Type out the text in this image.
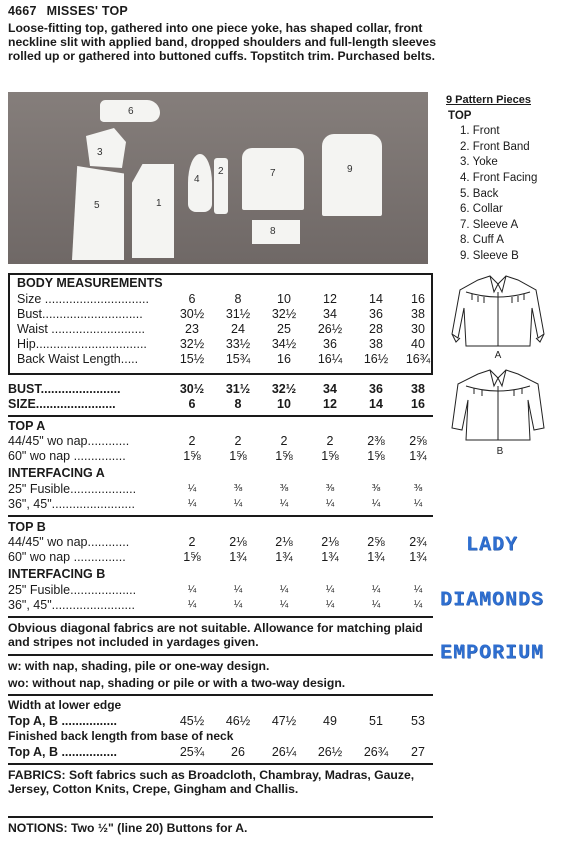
4667 MISSES' TOP
Loose-fitting top, gathered into one piece yoke, has shaped collar, front neckline slit with applied band, dropped shoulders and full-length sleeves rolled up or gathered into buttoned cuffs. Topstitch trim. Purchased belts.
6
3
5	1
4
2	7
8
9
9 Pattern Pieces
TOP
1. Front
2. Front Band
3. Yoke
4. Front Facing
5. Back
6. Collar
7. Sleeve A
8. Cuff A
9. Sleeve B
A
B
BODY MEASUREMENTS
Size ..............................	6	8	10	12	14	16
Bust.............................	30½	31½	32½	34	36	38
Waist ...........................	23	24	25	26½	28	30
Hip................................	32½	33½	34½	36	38	40
Back Waist Length.....	15½	15¾	16	16¼	16½	16¾
BUST.......................	30½	31½	32½	34	36	38
SIZE.......................	6	8	10	12	14	16
TOP A
44/45" wo nap............	2	2	2	2	2⅜	2⅝
60" wo nap ...............	1⅝	1⅝	1⅝	1⅝	1⅝	1¾
INTERFACING A
25" Fusible...................	¼	⅜	⅜	⅜	⅜	⅜
36", 45"........................	¼	¼	¼	¼	¼	¼
TOP B
44/45" wo nap............	2	2⅛	2⅛	2⅛	2⅝	2¾
60" wo nap ...............	1⅝	1¾	1¾	1¾	1¾	1¾
INTERFACING B
25" Fusible...................	¼	¼	¼	¼	¼	¼
36", 45"........................	¼	¼	¼	¼	¼	¼
Obvious diagonal fabrics are not suitable. Allowance for matching plaid and stripes not included in yardages given.
w: with nap, shading, pile or one-way design.
wo: without nap, shading or pile or with a two-way design.
Width at lower edge
Top A, B ................	45½	46½	47½	49	51	53
Finished back length from base of neck
Top A, B ................	25¾	26	26¼	26½	26¾	27
FABRICS: Soft fabrics such as Broadcloth, Chambray, Madras, Gauze, Jersey, Cotton Knits, Crepe, Gingham and Challis.
NOTIONS: Two ½" (line 20) Buttons for A.
LADY
DIAMONDS
EMPORIUM
